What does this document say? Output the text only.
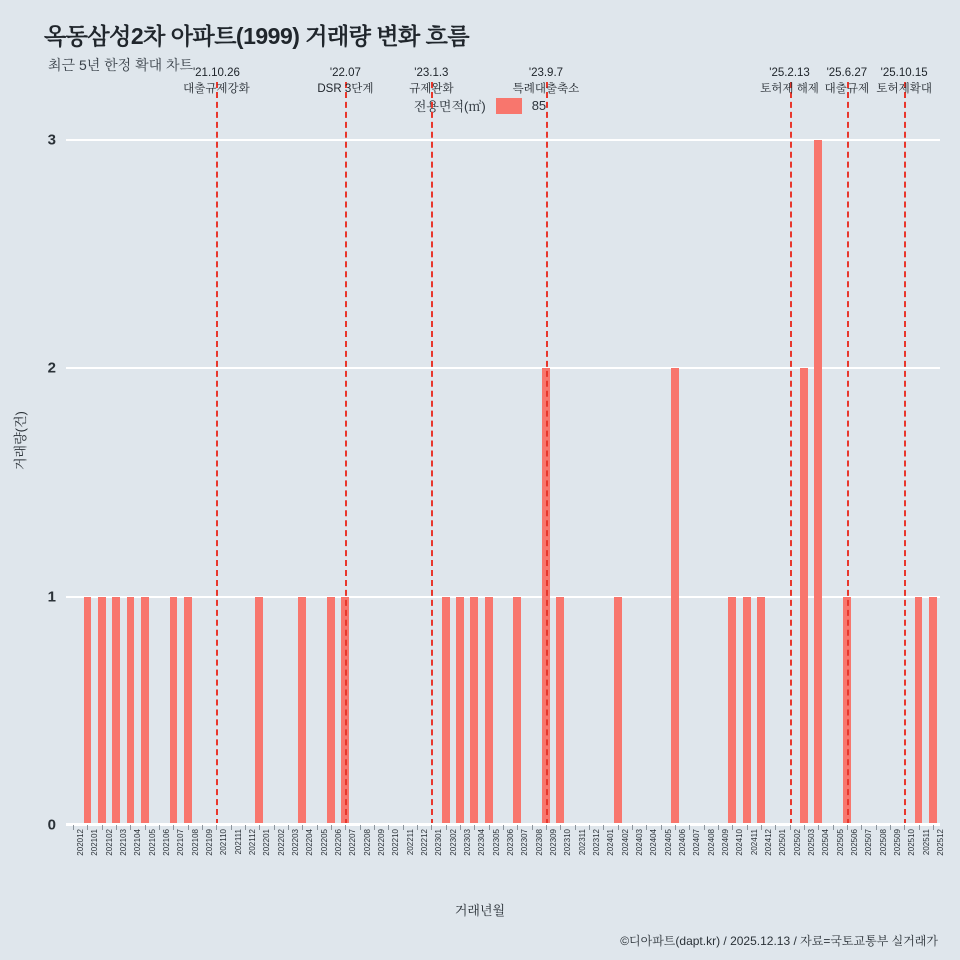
옥동삼성2차 아파트(1999) 거래량 변화 흐름
최근 5년 한정 확대 차트
전용면적(㎡)	85
거래량(건)
거래년월
0
1
2
3
202012 202101 202102 202103 202104 202105 202106 202107 202108 202109 202110 202111 202112 202201 202202 202203 202204 202205 202206 202207 202208 202209 202210 202211 202212 202301 202302 202303 202304 202305 202306 202307 202308 202309 202310 202311 202312 202401 202402 202403 202404 202405 202406 202407 202408 202409 202410 202411 202412 202501 202502 202503 202504 202505 202506 202507 202508 202509 202510 202511 202512
'21.10.26
대출규제강화
'22.07
DSR 3단계
'23.1.3
규제완화
'23.9.7
특례대출축소
'25.2.13
토허제 해제
'25.6.27
대출규제
'25.10.15
토허제확대
©디아파트(dapt.kr) / 2025.12.13 / 자료=국토교통부 실거래가
